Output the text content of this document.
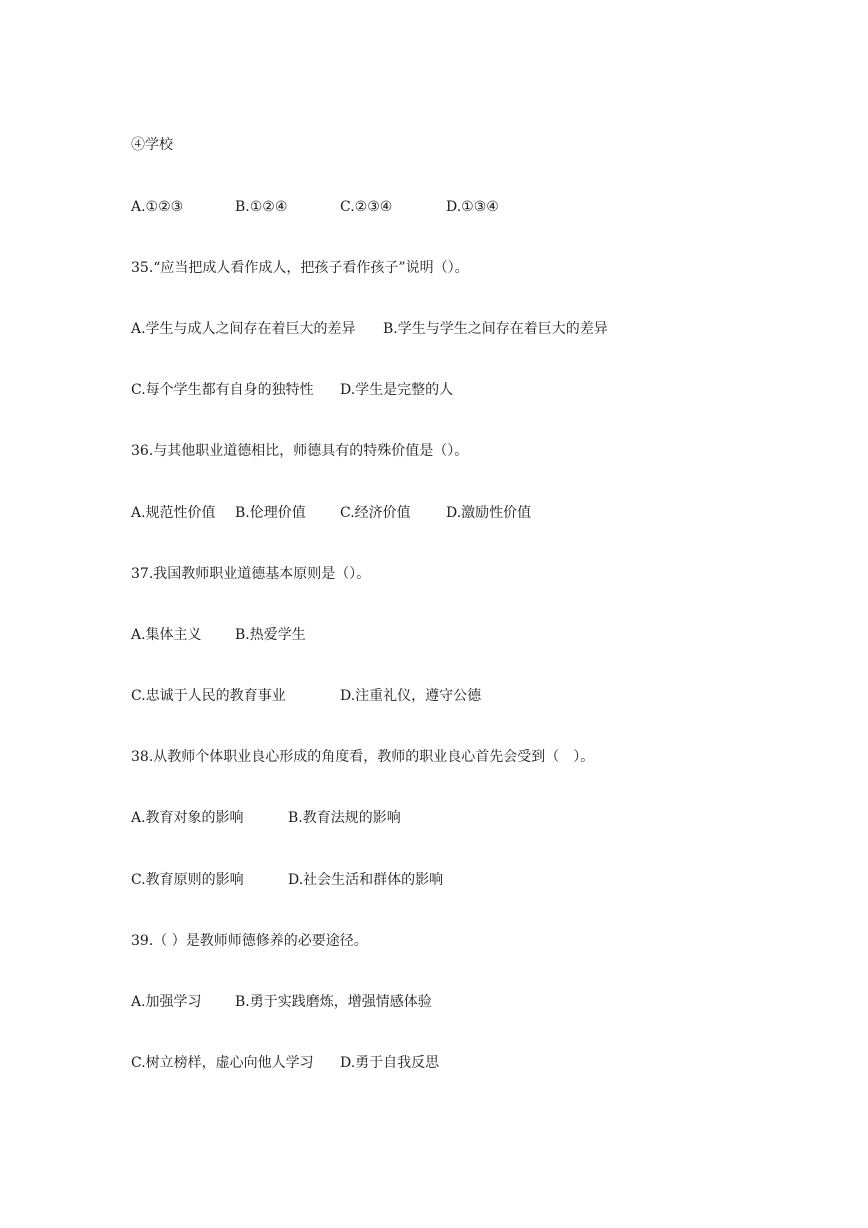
④学校
A.①②③	B.①②④	C.②③④	D.①③④
35.“应当把成人看作成人，把孩子看作孩子”说明（）。
A.学生与成人之间存在着巨大的差异 B.学生与学生之间存在着巨大的差异
C.每个学生都有自身的独特性 D.学生是完整的人
36.与其他职业道德相比，师德具有的特殊价值是（）。
A.规范性价值 B.伦理价值 C.经济价值	D.激励性价值
37.我国教师职业道德基本原则是（）。
A.集体主义 B.热爱学生
C.忠诚于人民的教育事业	D.注重礼仪，遵守公德
38.从教师个体职业良心形成的角度看，教师的职业良心首先会受到（　）。
A.教育对象的影响	B.教育法规的影响
C.教育原则的影响	D.社会生活和群体的影响
39.（ ）是教师师德修养的必要途径。
A.加强学习 B.勇于实践磨炼，增强情感体验
C.树立榜样，虚心向他人学习 D.勇于自我反思
